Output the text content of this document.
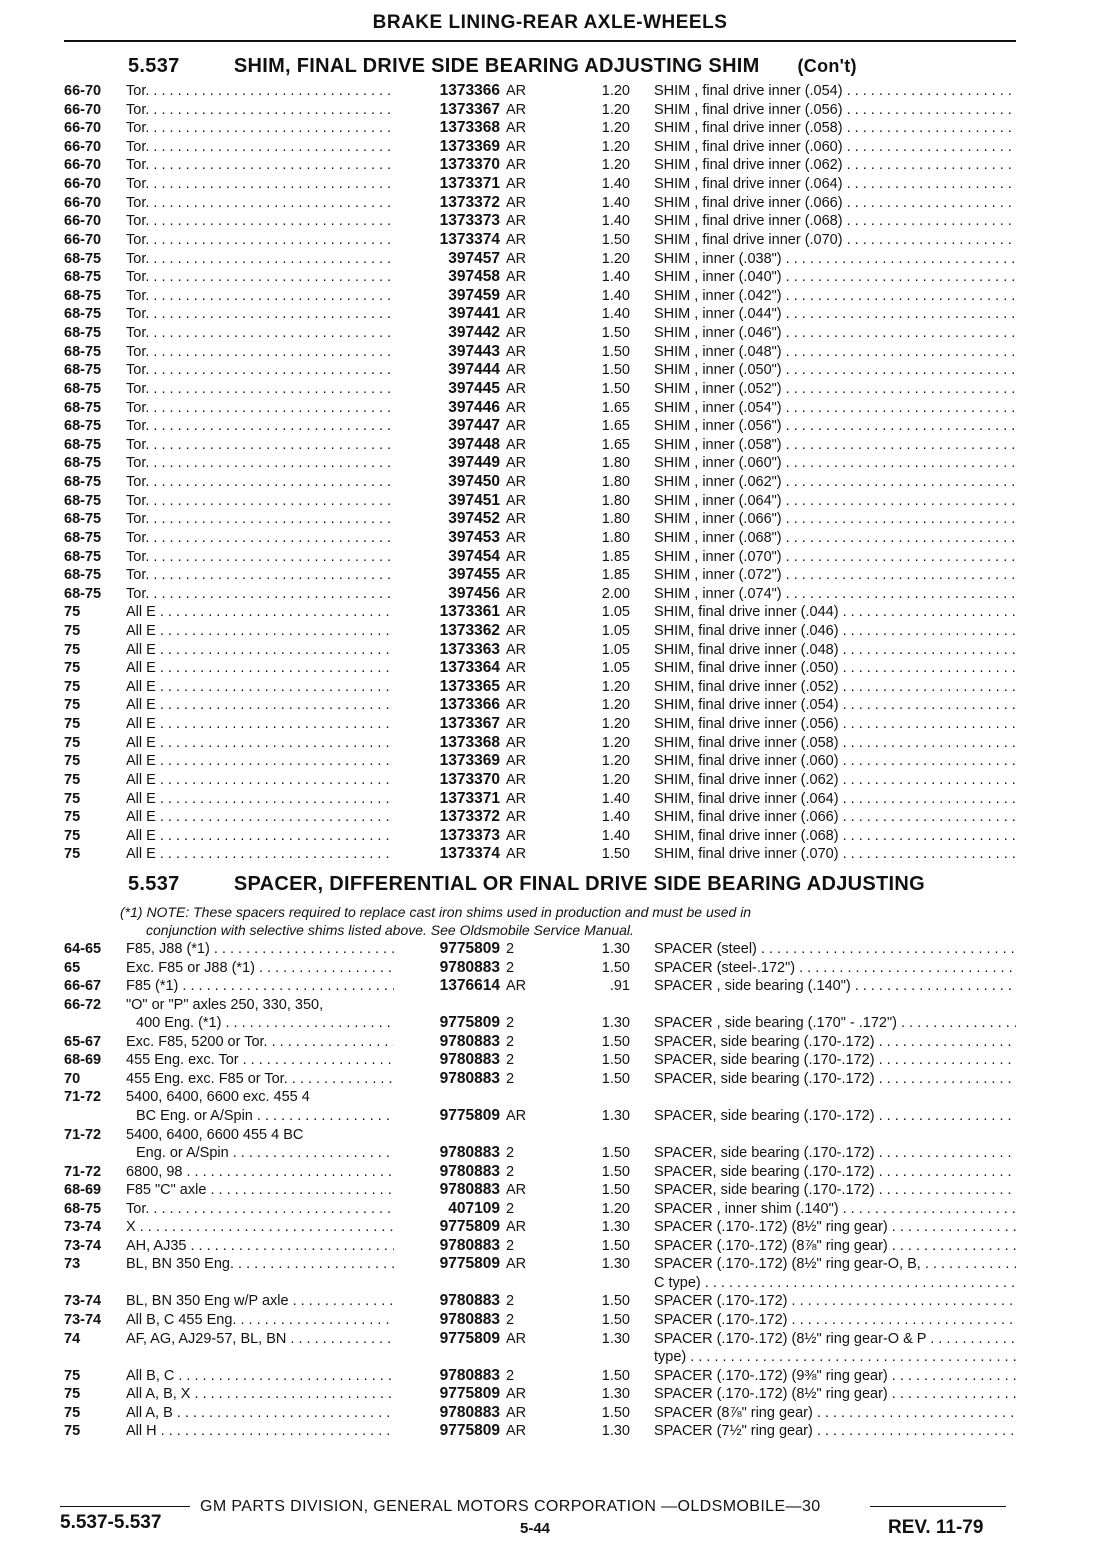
BRAKE LINING-REAR AXLE-WHEELS
5.537	SHIM, FINAL DRIVE SIDE BEARING ADJUSTING SHIM (Con't)
66-70	Tor. . . .	1373366 AR	1.20 SHIM , final drive inner (.054) . . .
66-70	Tor. . . .	1373367 AR	1.20 SHIM , final drive inner (.056) . . .
66-70	Tor. . . .	1373368 AR	1.20 SHIM , final drive inner (.058) . . .
66-70	Tor. . . .	1373369 AR	1.20 SHIM , final drive inner (.060) . . .
66-70	Tor. . . .	1373370 AR	1.20 SHIM , final drive inner (.062) . . .
66-70	Tor. . . .	1373371 AR	1.40 SHIM , final drive inner (.064) . . .
66-70	Tor. . . .	1373372 AR	1.40 SHIM , final drive inner (.066) . . .
66-70	Tor. . . .	1373373 AR	1.40 SHIM , final drive inner (.068) . . .
66-70	Tor. . . .	1373374 AR	1.50 SHIM , final drive inner (.070) . . .
68-75	Tor. . . .	397457 AR	1.20 SHIM , inner (.038") . . .
68-75	Tor. . . .	397458 AR	1.40 SHIM , inner (.040") . . .
68-75	Tor. . . .	397459 AR	1.40 SHIM , inner (.042") . . .
68-75	Tor. . . .	397441 AR	1.40 SHIM , inner (.044") . . .
68-75	Tor. . . .	397442 AR	1.50 SHIM , inner (.046") . . .
68-75	Tor. . . .	397443 AR	1.50 SHIM , inner (.048") . . .
68-75	Tor. . . .	397444 AR	1.50 SHIM , inner (.050") . . .
68-75	Tor. . . .	397445 AR	1.50 SHIM , inner (.052") . . .
68-75	Tor. . . .	397446 AR	1.65 SHIM , inner (.054") . . .
68-75	Tor. . . .	397447 AR	1.65 SHIM , inner (.056") . . .
68-75	Tor. . . .	397448 AR	1.65 SHIM , inner (.058") . . .
68-75	Tor. . . .	397449 AR	1.80 SHIM , inner (.060") . . .
68-75	Tor. . . .	397450 AR	1.80 SHIM , inner (.062") . . .
68-75	Tor. . . .	397451 AR	1.80 SHIM , inner (.064") . . .
68-75	Tor. . . .	397452 AR	1.80 SHIM , inner (.066") . . .
68-75	Tor. . . .	397453 AR	1.80 SHIM , inner (.068") . . .
68-75	Tor. . . .	397454 AR	1.85 SHIM , inner (.070") . . .
68-75	Tor. . . .	397455 AR	1.85 SHIM , inner (.072") . . .
68-75	Tor. . . .	397456 AR	2.00 SHIM , inner (.074") . . .
75	All E . . .	1373361 AR	1.05 SHIM, final drive inner (.044) . . .
75	All E . . .	1373362 AR	1.05 SHIM, final drive inner (.046) . . .
75	All E . . .	1373363 AR	1.05 SHIM, final drive inner (.048) . . .
75	All E . . .	1373364 AR	1.05 SHIM, final drive inner (.050) . . .
75	All E . . .	1373365 AR	1.20 SHIM, final drive inner (.052) . . .
75	All E . . .	1373366 AR	1.20 SHIM, final drive inner (.054) . . .
75	All E . . .	1373367 AR	1.20 SHIM, final drive inner (.056) . . .
75	All E . . .	1373368 AR	1.20 SHIM, final drive inner (.058) . . .
75	All E . . .	1373369 AR	1.20 SHIM, final drive inner (.060) . . .
75	All E . . .	1373370 AR	1.20 SHIM, final drive inner (.062) . . .
75	All E . . .	1373371 AR	1.40 SHIM, final drive inner (.064) . . .
75	All E . . .	1373372 AR	1.40 SHIM, final drive inner (.066) . . .
75	All E . . .	1373373 AR	1.40 SHIM, final drive inner (.068) . . .
75	All E . . .	1373374 AR	1.50 SHIM, final drive inner (.070) . . .
5.537	SPACER, DIFFERENTIAL OR FINAL DRIVE SIDE BEARING ADJUSTING
(*1) NOTE: These spacers required to replace cast iron shims used in production and must be used in
conjunction with selective shims listed above. See Oldsmobile Service Manual.
64-65	F85, J88 (*1) . . .	9775809 2	1.30 SPACER (steel) . . .
65	Exc. F85 or J88 (*1) . . .	9780883 2	1.50 SPACER (steel-.172") . . .
66-67	F85 (*1) . . .	1376614 AR	.91 SPACER , side bearing (.140") . . .
66-72	"O" or "P" axles 250, 330, 350,
400 Eng. (*1) . . .	9775809 2	1.30 SPACER , side bearing (.170" - .172") . . .
65-67	Exc. F85, 5200 or Tor. . . .	9780883 2	1.50 SPACER, side bearing (.170-.172) . . .
68-69	455 Eng. exc. Tor . . .	9780883 2	1.50 SPACER, side bearing (.170-.172) . . .
70	455 Eng. exc. F85 or Tor. . . .	9780883 2	1.50 SPACER, side bearing (.170-.172) . . .
71-72	5400, 6400, 6600 exc. 455 4
BC Eng. or A/Spin . . .	9775809 AR	1.30 SPACER, side bearing (.170-.172) . . .
71-72	5400, 6400, 6600 455 4 BC
Eng. or A/Spin . . .	9780883 2	1.50 SPACER, side bearing (.170-.172) . . .
71-72	6800, 98 . . .	9780883 2	1.50 SPACER, side bearing (.170-.172) . . .
68-69	F85 "C" axle . . .	9780883 AR	1.50 SPACER, side bearing (.170-.172) . . .
68-75	Tor. . . .	407109 2	1.20 SPACER , inner shim (.140") . . .
73-74	X . . .	9775809 AR	1.30 SPACER (.170-.172) (8½" ring gear) . . .
73-74	AH, AJ35 . . .	9780883 2	1.50 SPACER (.170-.172) (8⅞" ring gear) . . .
73	BL, BN 350 Eng. . . .	9775809 AR	1.30 SPACER (.170-.172) (8½" ring gear-O, B, . . .
C type) . . .
73-74	BL, BN 350 Eng w/P axle . . .	9780883 2	1.50 SPACER (.170-.172) . . .
73-74	All B, C 455 Eng. . . .	9780883 2	1.50 SPACER (.170-.172) . . .
74	AF, AG, AJ29-57, BL, BN . . .	9775809 AR	1.30 SPACER (.170-.172) (8½" ring gear-O & P . . .
type) . . .
75	All B, C . . .	9780883 2	1.50 SPACER (.170-.172) (9⅜" ring gear) . . .
75	All A, B, X . . .	9775809 AR	1.30 SPACER (.170-.172) (8½" ring gear) . . .
75	All A, B . . .	9780883 AR	1.50 SPACER (8⅞" ring gear) . . .
75	All H . . .	9775809 AR	1.30 SPACER (7½" ring gear) . . .
GM PARTS DIVISION, GENERAL MOTORS CORPORATION —OLDSMOBILE—30
5.537-5.537	5-44	REV. 11-79
